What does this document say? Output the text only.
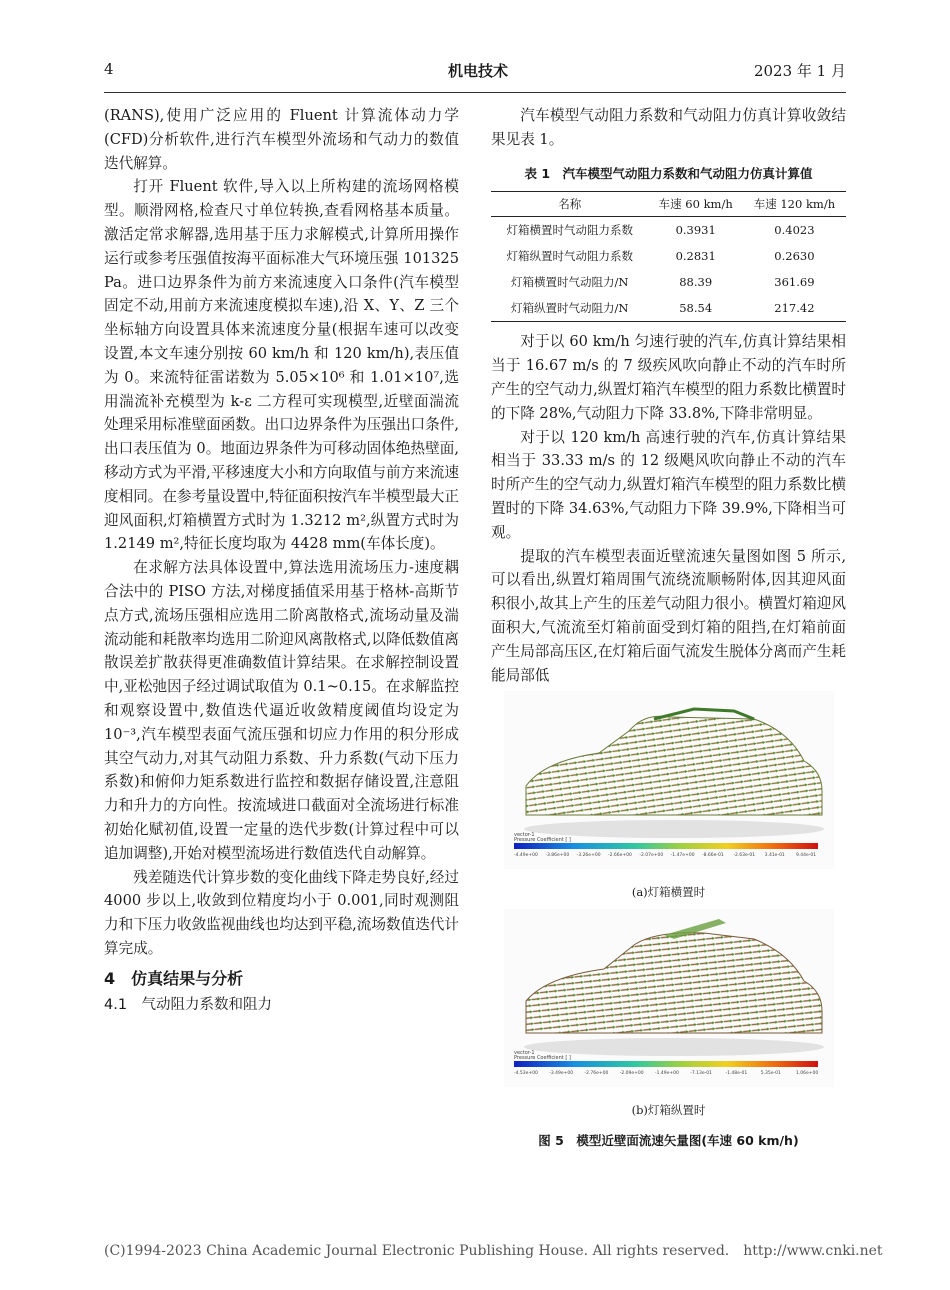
4	机电技术	2023 年 1 月

(RANS),使用广泛应用的 Fluent 计算流体动力学(CFD)分析软件,进行汽车模型外流场和气动力的数值迭代解算。

打开 Fluent 软件,导入以上所构建的流场网格模型。顺滑网格,检查尺寸单位转换,查看网格基本质量。激活定常求解器,选用基于压力求解模式,计算所用操作运行或参考压强值按海平面标准大气环境压强 101325 Pa。进口边界条件为前方来流速度入口条件(汽车模型固定不动,用前方来流速度模拟车速),沿 X、Y、Z 三个坐标轴方向设置具体来流速度分量(根据车速可以改变设置,本文车速分别按 60 km/h 和 120 km/h),表压值为 0。来流特征雷诺数为 5.05×10⁶ 和 1.01×10⁷,选用湍流补充模型为 k-ε 二方程可实现模型,近壁面湍流处理采用标准壁面函数。出口边界条件为压强出口条件,出口表压值为 0。地面边界条件为可移动固体绝热壁面,移动方式为平滑,平移速度大小和方向取值与前方来流速度相同。在参考量设置中,特征面积按汽车半模型最大正迎风面积,灯箱横置方式时为 1.3212 m²,纵置方式时为 1.2149 m²,特征长度均取为 4428 mm(车体长度)。

在求解方法具体设置中,算法选用流场压力-速度耦合法中的 PISO 方法,对梯度插值采用基于格林-高斯节点方式,流场压强相应选用二阶离散格式,流场动量及湍流动能和耗散率均选用二阶迎风离散格式,以降低数值离散误差扩散获得更准确数值计算结果。在求解控制设置中,亚松弛因子经过调试取值为 0.1~0.15。在求解监控和观察设置中,数值迭代逼近收敛精度阈值均设定为 10⁻³,汽车模型表面气流压强和切应力作用的积分形成其空气动力,对其气动阻力系数、升力系数(气动下压力系数)和俯仰力矩系数进行监控和数据存储设置,注意阻力和升力的方向性。按流域进口截面对全流场进行标准初始化赋初值,设置一定量的迭代步数(计算过程中可以追加调整),开始对模型流场进行数值迭代自动解算。

残差随迭代计算步数的变化曲线下降走势良好,经过 4000 步以上,收敛到位精度均小于 0.001,同时观测阻力和下压力收敛监视曲线也均达到平稳,流场数值迭代计算完成。

4　仿真结果与分析

4.1　气动阻力系数和阻力

汽车模型气动阻力系数和气动阻力仿真计算收敛结果见表 1。

表 1　汽车模型气动阻力系数和气动阻力仿真计算值

名称	车速 60 km/h	车速 120 km/h
灯箱横置时气动阻力系数	0.3931	0.4023
灯箱纵置时气动阻力系数	0.2831	0.2630
灯箱横置时气动阻力/N	88.39	361.69
灯箱纵置时气动阻力/N	58.54	217.42

对于以 60 km/h 匀速行驶的汽车,仿真计算结果相当于 16.67 m/s 的 7 级疾风吹向静止不动的汽车时所产生的空气动力,纵置灯箱汽车模型的阻力系数比横置时的下降 28%,气动阻力下降 33.8%,下降非常明显。

对于以 120 km/h 高速行驶的汽车,仿真计算结果相当于 33.33 m/s 的 12 级飓风吹向静止不动的汽车时所产生的空气动力,纵置灯箱汽车模型的阻力系数比横置时的下降 34.63%,气动阻力下降 39.9%,下降相当可观。

提取的汽车模型表面近壁流速矢量图如图 5 所示,可以看出,纵置灯箱周围气流绕流顺畅附体,因其迎风面积很小,故其上产生的压差气动阻力很小。横置灯箱迎风面积大,气流流至灯箱前面受到灯箱的阻挡,在灯箱前面产生局部高压区,在灯箱后面气流发生脱体分离而产生耗能局部低

vector-1
Pressure Coefficient [ ]
-4.49e+00 -3.86e+00 -3.26e+00 -2.66e+00 -2.07e+00 -1.47e+00 -8.66e-01 -2.63e-01 3.41e-01 9.44e-01

(a)灯箱横置时

vector-1
Pressure Coefficient [ ]
-4.53e+00	-3.49e+00	-2.76e+00	-2.09e+00	-1.49e+00	-7.13e-01	-1.48e-01	5.35e-01	1.06e+00

(b)灯箱纵置时

图 5　模型近壁面流速矢量图(车速 60 km/h)

(C)1994-2023 China Academic Journal Electronic Publishing House. All rights reserved.　http://www.cnki.net
